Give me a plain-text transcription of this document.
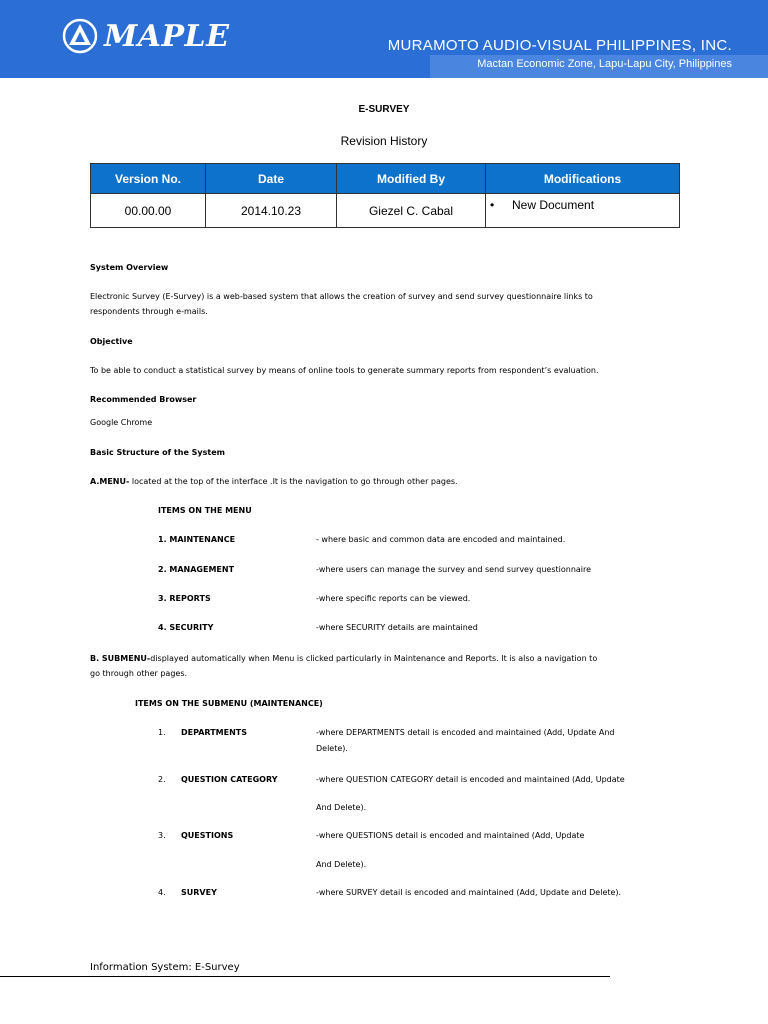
MAPLE	MURAMOTO AUDIO-VISUAL PHILIPPINES, INC.
Mactan Economic Zone, Lapu-Lapu City, Philippines
E-SURVEY
Revision History
Version No.	Date	Modified By	Modifications
00.00.00	2014.10.23	Giezel C. Cabal	• New Document
System Overview
Electronic Survey (E-Survey) is a web-based system that allows the creation of survey and send survey questionnaire links to
respondents through e-mails.
Objective
To be able to conduct a statistical survey by means of online tools to generate summary reports from respondent’s evaluation.
Recommended Browser
Google Chrome
Basic Structure of the System
A.MENU- located at the top of the interface .It is the navigation to go through other pages.
ITEMS ON THE MENU
1. MAINTENANCE	- where basic and common data are encoded and maintained.
2. MANAGEMENT	-where users can manage the survey and send survey questionnaire
3. REPORTS	-where specific reports can be viewed.
4. SECURITY	-where SECURITY details are maintained
B. SUBMENU-displayed automatically when Menu is clicked particularly in Maintenance and Reports. It is also a navigation to
go through other pages.
ITEMS ON THE SUBMENU (MAINTENANCE)
1. DEPARTMENTS	-where DEPARTMENTS detail is encoded and maintained (Add, Update And
Delete).
2. QUESTION CATEGORY	-where QUESTION CATEGORY detail is encoded and maintained (Add, Update
And Delete).
3. QUESTIONS	-where QUESTIONS detail is encoded and maintained (Add, Update
And Delete).
4. SURVEY	-where SURVEY detail is encoded and maintained (Add, Update and Delete).
Information System: E-Survey
